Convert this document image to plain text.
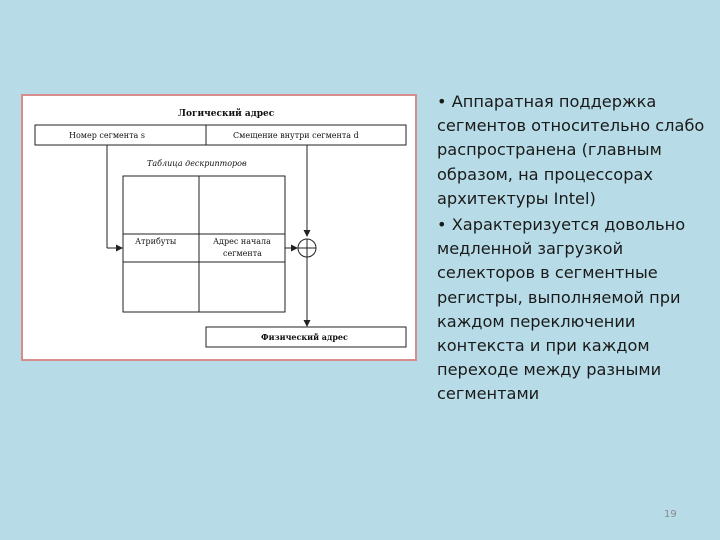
Логический адрес
Номер сегмента s	Смещение внутри сегмента d
Таблица дескрипторов
Атрибуты	Адрес начала
сегмента
Физический адрес
• Аппаратная поддержка сегментов относительно слабо распространена (главным образом, на процессорах архитектуры Intel)
• Характеризуется довольно медленной загрузкой селекторов в сегментные регистры, выполняемой при каждом переключении контекста и при каждом переходе между разными сегментами
19
